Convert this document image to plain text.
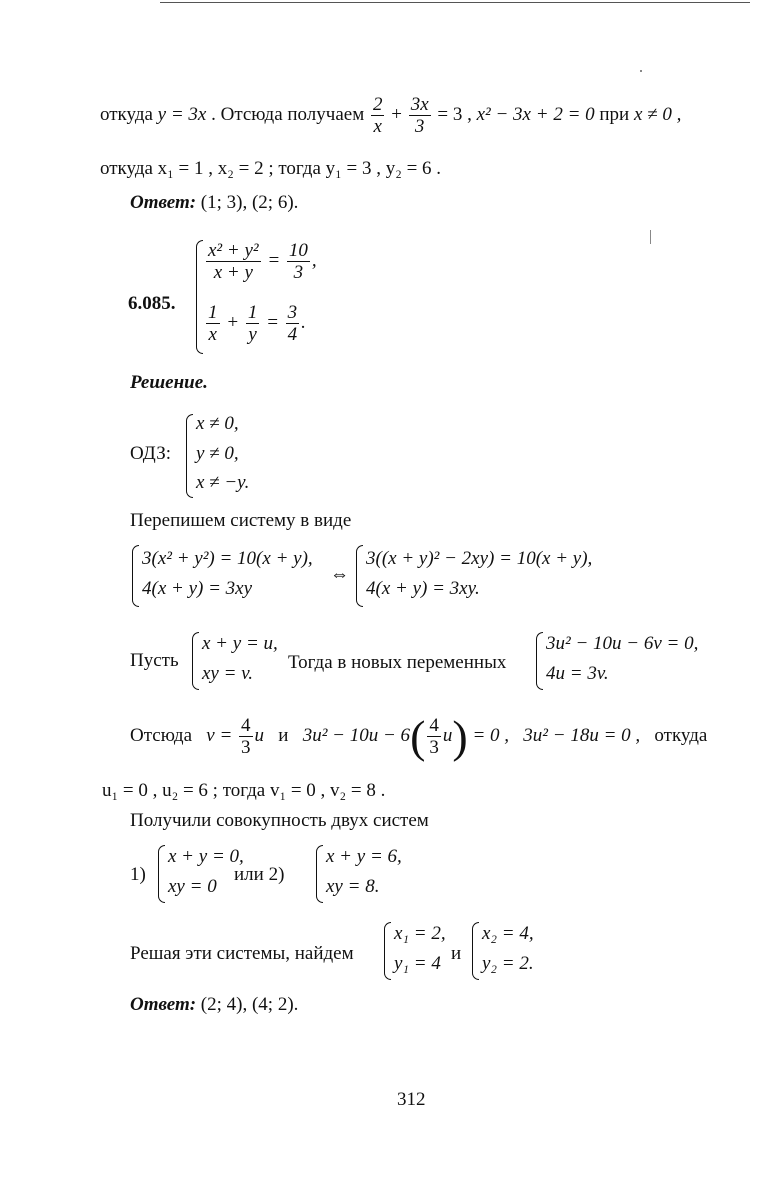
откуда y = 3x . Отсюда получаем $\frac{2}{x} + \frac{3x}{3} = 3$ , x² − 3x + 2 = 0 при x ≠ 0 ,
откуда x₁ = 1 , x₂ = 2 ; тогда y₁ = 3 , y₂ = 6 .
Ответ: (1; 3), (2; 6).
6.085.
$\frac{\text{x² + y²}}{x + y} = \frac{10}{3}$ ,
$\frac{1}{x} + \frac{1}{y} = \frac{3}{4}$ .
Решение.
ОДЗ:
x ≠ 0,
y ≠ 0,
x ≠ −y.
Перепишем систему в виде
3(x² + y²) = 10(x + y),
4(x + y) = 3xy
⇔
3((x + y)² − 2xy) = 10(x + y),
4(x + y) = 3xy.
Пусть
x + y = u,
xy = v.
Тогда в новых переменных
3u² − 10u − 6v = 0,
4u = 3v.
Отсюда $v = \frac{4}{3}$ u и $3u^2 - 10u - 6( \frac{4}{3} u) = 0$ , 3u² − 18u = 0 , откуда
u₁ = 0 , u₂ = 6 ; тогда v₁ = 0 , v₂ = 8 .
Получили совокупность двух систем
1)
x + y = 0,
xy = 0
или 2)
x + y = 6,
xy = 8.
Решая эти системы, найдем
x₁ = 2,
y₁ = 4 и
x₂ = 4,
y₂ = 2.
Ответ: (2; 4), (4; 2).
312
